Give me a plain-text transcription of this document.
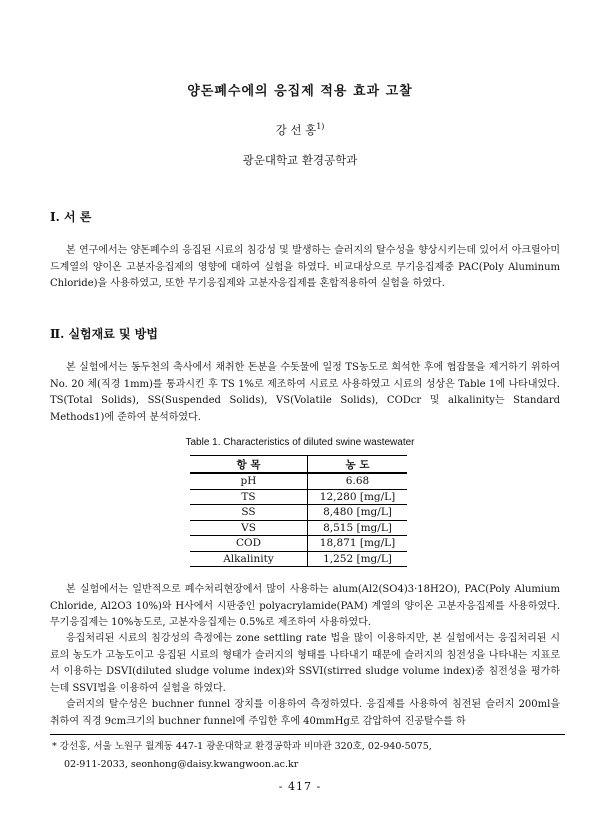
양돈폐수에의 응집제 적용 효과 고찰
강 선 홍$^{1)}$
광운대학교 환경공학과
Ⅰ. 서 론
본 연구에서는 양돈폐수의 응집된 시료의 침강성 및 발생하는 슬러지의 탈수성을 향상시키는데 있어서 아크릴아미드계열의 양이온 고분자응집제의 영향에 대하여 실험을 하였다. 비교대상으로 무기응집제중 PAC(Poly Aluminum Chloride)을 사용하였고, 또한 무기응집제와 고분자응집제를 혼합적용하여 실험을 하였다.
Ⅱ. 실험재료 및 방법
본 실험에서는 동두천의 축사에서 채취한 돈분을 수돗물에 일정 TS농도로 희석한 후에 협잡물을 제거하기 위하여 No. 20 체(직경 1mm)를 통과시킨 후 TS 1%로 제조하여 시료로 사용하였고 시료의 성상은 Table 1에 나타내었다. TS(Total Solids), SS(Suspended Solids), VS(Volatile Solids), CODcr 및 alkalinity는 Standard Methods1)에 준하여 분석하였다.
Table 1. Characteristics of diluted swine wastewater
항 목	농 도
pH	6.68
TS	12,280 [mg/L]
SS	8,480 [mg/L]
VS	8,515 [mg/L]
COD	18,871 [mg/L]
Alkalinity	1,252 [mg/L]
본 실험에서는 일반적으로 폐수처리현장에서 많이 사용하는 alum(Al2(SO4)3·18H2O), PAC(Poly Alumium Chloride, Al2O3 10%)와 H사에서 시판중인 polyacrylamide(PAM) 계열의 양이온 고분자응집제를 사용하였다. 무기응집제는 10%농도로, 고분자응집제는 0.5%로 제조하여 사용하였다.
응집처리된 시료의 침강성의 측정에는 zone settling rate 법을 많이 이용하지만, 본 실험에서는 응집처리된 시료의 농도가 고농도이고 응집된 시료의 형태가 슬러지의 형태를 나타내기 때문에 슬러지의 침전성을 나타내는 지표로서 이용하는 DSVI(diluted sludge volume index)와 SSVI(stirred sludge volume index)중 침전성을 평가하는데 SSVI법을 이용하여 실험을 하였다.
슬러지의 탈수성은 buchner funnel 장치를 이용하여 측정하였다. 응집제를 사용하여 침전된 슬러지 200ml을 취하여 직경 9cm크기의 buchner funnel에 주입한 후에 40mmHg로 감압하여 진공탈수를 하
* 강선홍, 서울 노원구 월계동 447-1 광운대학교 환경공학과 비마관 320호, 02-940-5075,
02-911-2033, seonhong@daisy.kwangwoon.ac.kr
- 417 -
